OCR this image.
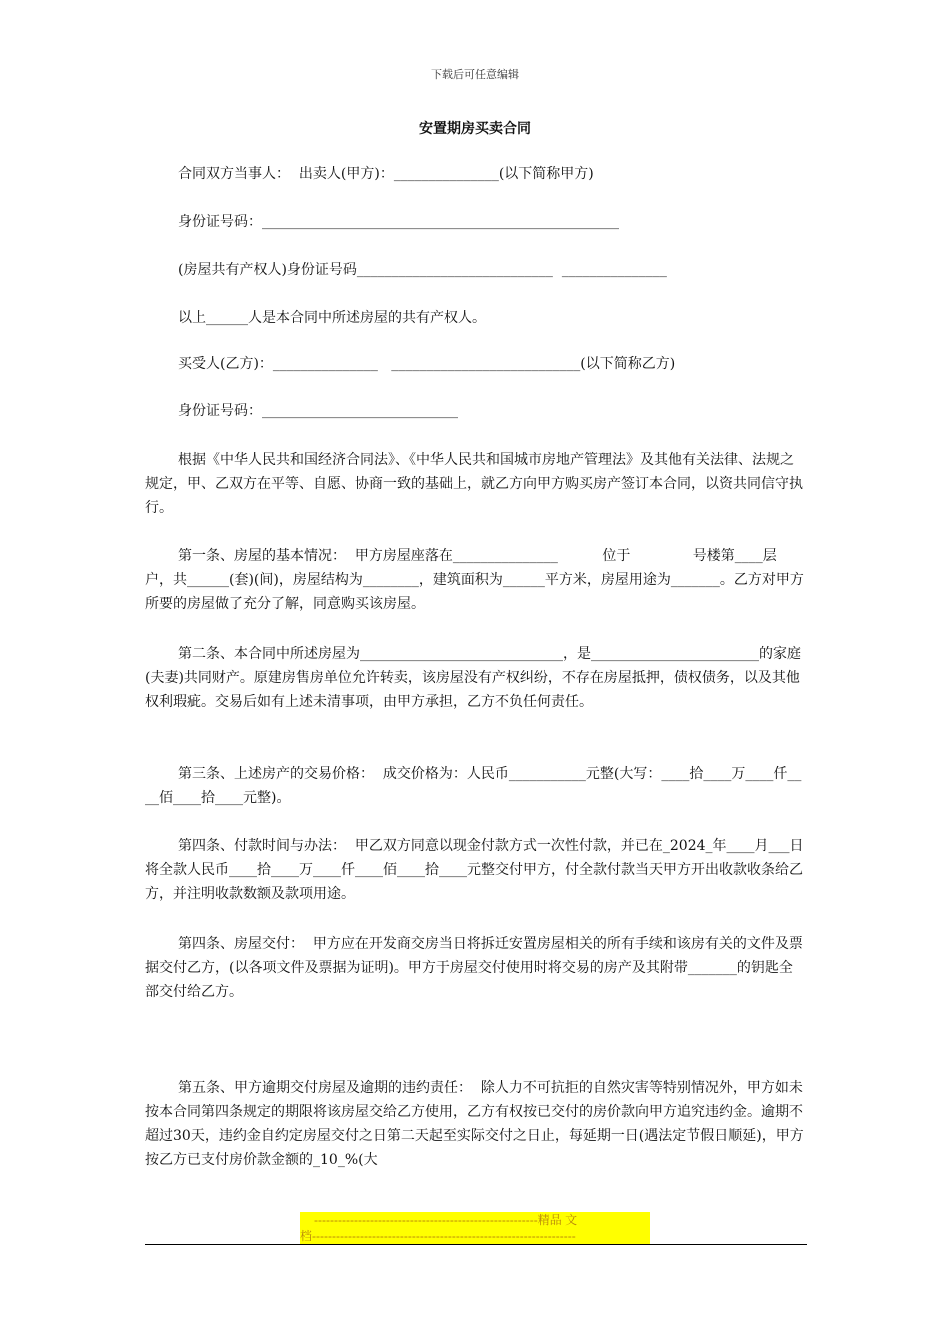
下载后可任意编辑
安置期房买卖合同

合同双方当事人：  出卖人(甲方)：_______________(以下简称甲方)

身份证号码：___________________________________________________

(房屋共有产权人)身份证号码____________________________  _______________

以上______人是本合同中所述房屋的共有产权人。

买受人(乙方)：_______________   ___________________________(以下简称乙方)

身份证号码：____________________________

根据《中华人民共和国经济合同法》、《中华人民共和国城市房地产管理法》及其他有关法律、法规之规定，甲、乙双方在平等、自愿、协商一致的基础上，就乙方向甲方购买房产签订本合同，以资共同信守执行。

第一条、房屋的基本情况：  甲方房屋座落在_______________          位于              号楼第____层              户，共______(套)(间)，房屋结构为________，建筑面积为______平方米，房屋用途为_______。乙方对甲方所要的房屋做了充分了解，同意购买该房屋。

第二条、本合同中所述房屋为_____________________________，是________________________的家庭(夫妻)共同财产。原建房售房单位允许转卖，该房屋没有产权纠纷，不存在房屋抵押，债权债务，以及其他权利瑕疵。交易后如有上述未清事项，由甲方承担，乙方不负任何责任。

第三条、上述房产的交易价格：  成交价格为：人民币___________元整(大写：____拾____万____仟____佰____拾____元整)。

第四条、付款时间与办法：  甲乙双方同意以现金付款方式一次性付款，并已在_2024_年____月___日将全款人民币____拾____万____仟____佰____拾____元整交付甲方，付全款付款当天甲方开出收款收条给乙方，并注明收款数额及款项用途。

第四条、房屋交付：  甲方应在开发商交房当日将拆迁安置房屋相关的所有手续和该房有关的文件及票据交付乙方，(以各项文件及票据为证明)。甲方于房屋交付使用时将交易的房产及其附带_______的钥匙全部交付给乙方。

第五条、甲方逾期交付房屋及逾期的违约责任：  除人力不可抗拒的自然灾害等特别情况外，甲方如未按本合同第四条规定的期限将该房屋交给乙方使用，乙方有权按已交付的房价款向甲方追究违约金。逾期不超过30天，违约金自约定房屋交付之日第二天起至实际交付之日止，每延期一日(遇法定节假日顺延)，甲方按乙方已支付房价款金额的_10_%(大

--------------------------------------------------------精品 文
档------------------------------------------------------------------
